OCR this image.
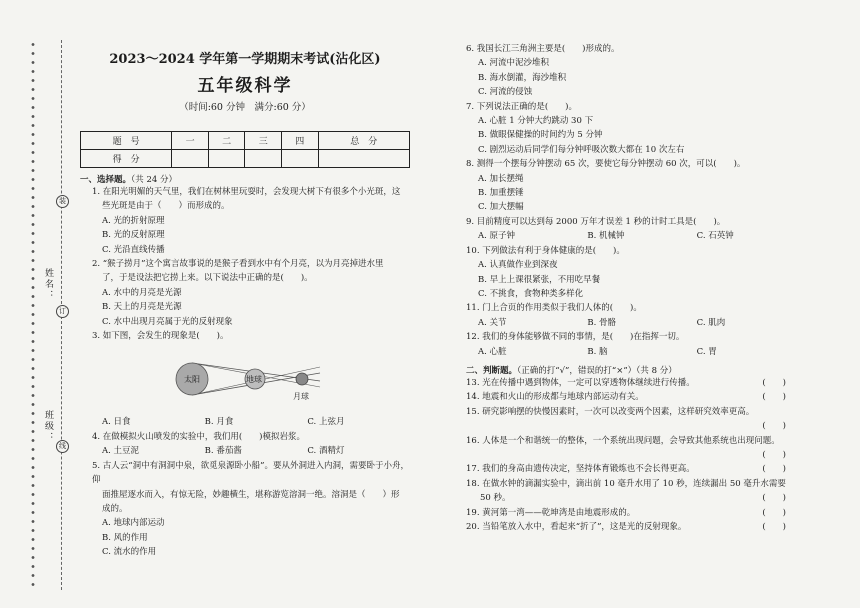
姓名：
班级：
装
订
线
2023～2024 学年第一学期期末考试(沾化区)
五年级科学
（时间:60 分钟　满分:60 分）
题　号	一	二	三	四	总　分
得　分					
一、选择题。（共 24 分）
1. 在阳光明媚的天气里，我们在树林里玩耍时，会发现大树下有很多个小光斑，这
些光斑是由于（　　）而形成的。
A. 光的折射原理
B. 光的反射原理
C. 光沿直线传播
2. “猴子捞月”这个寓言故事说的是猴子看到水中有个月亮，以为月亮掉进水里
了，于是设法把它捞上来。以下说法中正确的是(　　)。
A. 水中的月亮是光源
B. 天上的月亮是光源
C. 水中出现月亮属于光的反射现象
3. 如下图，会发生的现象是(　　)。
太阳	地球
月球
A. 日食	B. 月食	C. 上弦月
4. 在做模拟火山喷发的实验中，我们用(　　)模拟岩浆。
A. 土豆泥	B. 番茄酱	C. 酒精灯
5. 古人云“洞中有洞洞中泉，欲觅泉源卧小船”。要从外洞进入内洞，需要卧于小舟，仰
面推屋逐水而入，有惊无险，妙趣横生，堪称游览溶洞一绝。溶洞是（　　）形
成的。
A. 地球内部运动
B. 风的作用
C. 流水的作用
6. 我国长江三角洲主要是(　　)形成的。
A. 河流中泥沙堆积
B. 海水倒灌，海沙堆积
C. 河流的侵蚀
7. 下列说法正确的是(　　)。
A. 心脏 1 分钟大约跳动 30 下
B. 做眼保健操的时间约为 5 分钟
C. 剧烈运动后同学们每分钟呼吸次数大都在 10 次左右
8. 测得一个摆每分钟摆动 65 次，要使它每分钟摆动 60 次，可以(　　)。
A. 加长摆绳
B. 加重摆锤
C. 加大摆幅
9. 目前精度可以达到每 2000 万年才误差 1 秒的计时工具是(　　)。
A. 原子钟	B. 机械钟	C. 石英钟
10. 下列做法有利于身体健康的是(　　)。
A. 认真做作业到深夜
B. 早上上课很紧张，不用吃早餐
C. 不挑食，食物种类多样化
11. 门上合页的作用类似于我们人体的(　　)。
A. 关节	B. 骨骼	C. 肌肉
12. 我们的身体能够做不同的事情，是(　　)在指挥一切。
A. 心脏	B. 脑	C. 胃
二、判断题。（正确的打“√”，错误的打“×”）（共 8 分）
13. 光在传播中遇到物体，一定可以穿透物体继续进行传播。	(　　)
14. 地震和火山的形成都与地球内部运动有关。	(　　)
15. 研究影响摆的快慢因素时，一次可以改变两个因素，这样研究效率更高。
(　　)
16. 人体是一个和谐统一的整体，一个系统出现问题，会导致其他系统也出现问题。
(　　)
17. 我们的身高由遗传决定，坚持体育锻炼也不会长得更高。	(　　)
18. 在做水钟的滴漏实验中，滴出前 10 毫升水用了 10 秒，连续漏出 50 毫升水需要
50 秒。	(　　)
19. 黄河第一湾——乾坤湾是由地震形成的。	(　　)
20. 当铅笔放入水中，看起来“折了”，这是光的反射现象。	(　　)
